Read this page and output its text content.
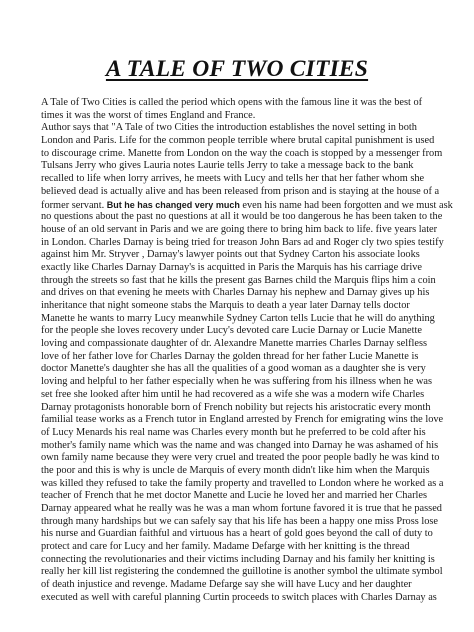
A TALE OF TWO CITIES
A Tale of Two Cities is called the period which opens with the famous line it was the best of
times it was the worst of times England and France.
Author says that "A Tale of two Cities the introduction establishes the novel setting in both
London and Paris. Life for the common people terrible where brutal capital punishment is used
to discourage crime. Manette from London on the way the coach is stopped by a messenger from
Tulsans Jerry who gives Lauria notes Laurie tells Jerry to take a message back to the bank
recalled to life when lorry arrives, he meets with Lucy and tells her that her father whom she
believed dead is actually alive and has been released from prison and is staying at the house of a
former servant. But he has changed very much even his name had been forgotten and we must ask
no questions about the past no questions at all it would be too dangerous he has been taken to the
house of an old servant in Paris and we are going there to bring him back to life. five years later
in London. Charles Darnay is being tried for treason John Bars ad and Roger cly two spies testify
against him Mr. Stryver , Darnay's lawyer points out that Sydney Carton his associate looks
exactly like Charles Darnay Darnay's is acquitted in Paris the Marquis has his carriage drive
through the streets so fast that he kills the present gas Barnes child the Marquis flips him a coin
and drives on that evening he meets with Charles Darnay his nephew and Darnay gives up his
inheritance that night someone stabs the Marquis to death a year later Darnay tells doctor
Manette he wants to marry Lucy meanwhile Sydney Carton tells Lucie that he will do anything
for the people she loves recovery under Lucy's devoted care Lucie Darnay or Lucie Manette
loving and compassionate daughter of dr. Alexandre Manette marries Charles Darnay selfless
love of her father love for Charles Darnay the golden thread for her father Lucie Manette is
doctor Manette's daughter she has all the qualities of a good woman as a daughter she is very
loving and helpful to her father especially when he was suffering from his illness when he was
set free she looked after him until he had recovered as a wife she was a modern wife Charles
Darnay protagonists honorable born of French nobility but rejects his aristocratic every month
familial tease works as a French tutor in England arrested by French for emigrating wins the love
of Lucy Menards his real name was Charles every month but he preferred to be cold after his
mother's family name which was the name and was changed into Darnay he was ashamed of his
own family name because they were very cruel and treated the poor people badly he was kind to
the poor and this is why is uncle de Marquis of every month didn't like him when the Marquis
was killed they refused to take the family property and travelled to London where he worked as a
teacher of French that he met doctor Manette and Lucie he loved her and married her Charles
Darnay appeared what he really was he was a man whom fortune favored it is true that he passed
through many hardships but we can safely say that his life has been a happy one miss Pross lose
his nurse and Guardian faithful and virtuous has a heart of gold goes beyond the call of duty to
protect and care for Lucy and her family. Madame Defarge with her knitting is the thread
connecting the revolutionaries and their victims including Darnay and his family her knitting is
really her kill list registering the condemned the guillotine is another symbol the ultimate symbol
of death injustice and revenge. Madame Defarge say she will have Lucy and her daughter
executed as well with careful planning Curtin proceeds to switch places with Charles Darnay as
